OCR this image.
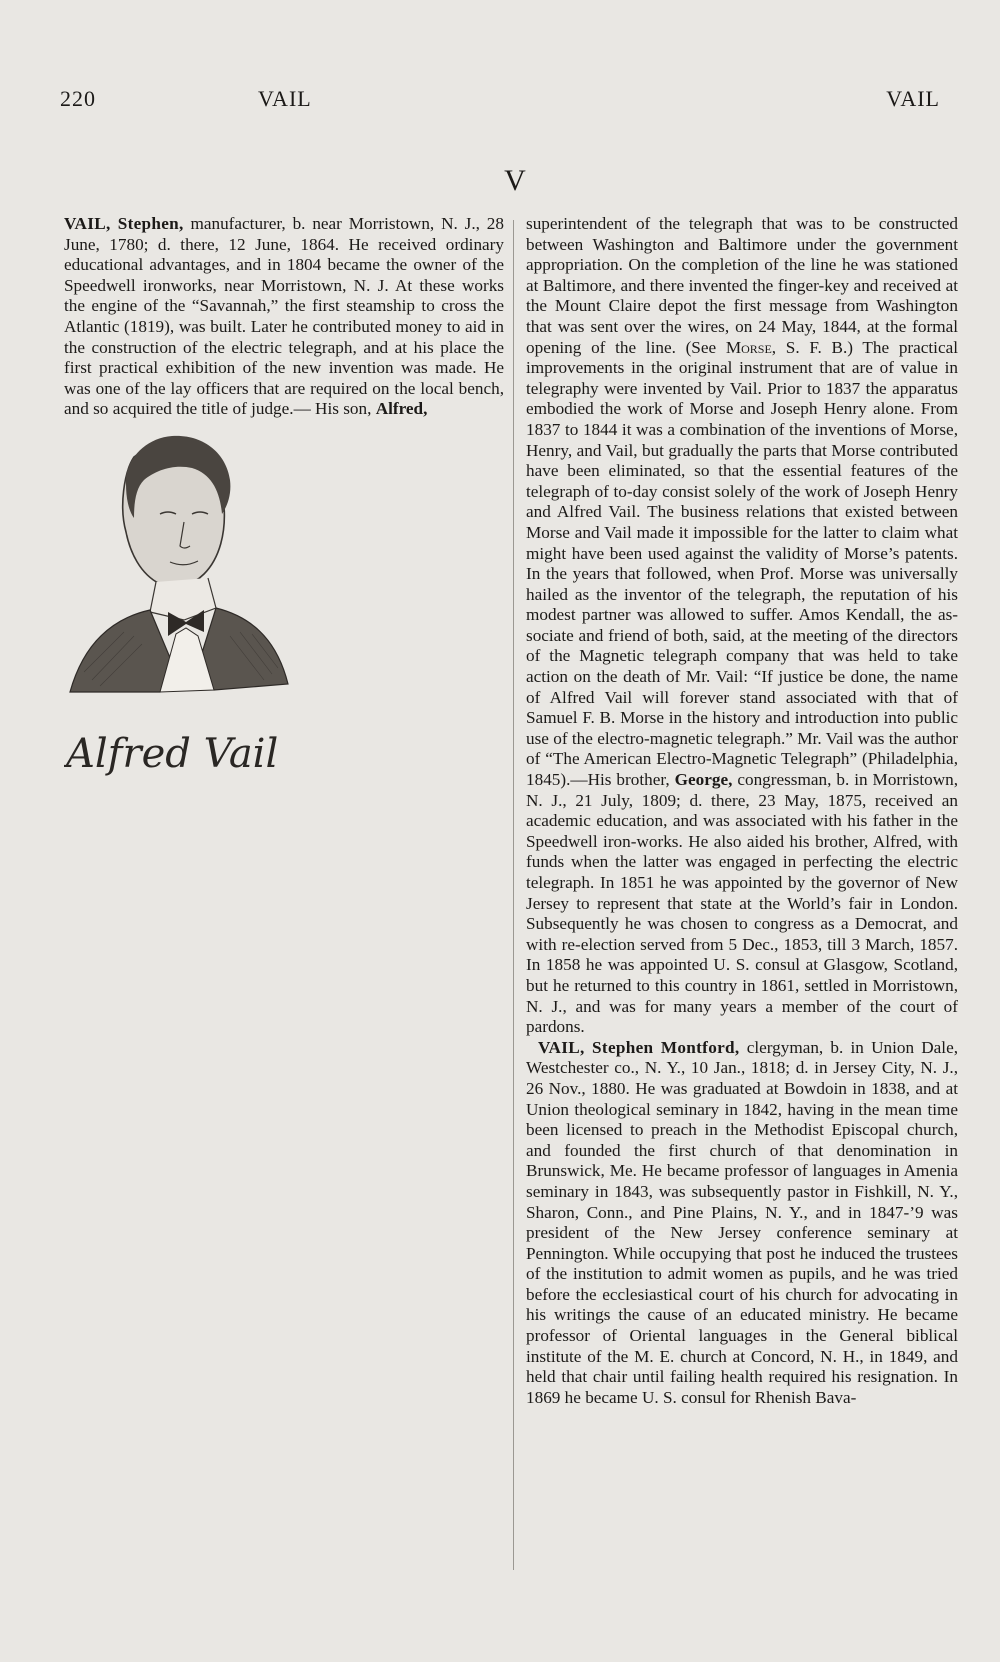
220	VAIL	VAIL
V

VAIL, Stephen, manufacturer, b. near Morristown, N. J., 28 June, 1780; d. there, 12 June, 1864. He received ordinary educational advantages, and in 1804 became the owner of the Speedwell ironworks, near Morristown, N. J. At these works the engine of the “Savannah,” the first steamship to cross the Atlantic (1819), was built. Later he contributed money to aid in the construction of the electric telegraph, and at his place the first practical exhibition of the new invention was made. He was one of the lay officers that are required on the local bench, and so acquired the title of judge.— His son, Alfred,
Alfred Vail

superintendent of the telegraph that was to be constructed between Washington and Baltimore under the government appropriation. On the completion of the line he was stationed at Baltimore, and there invented the finger-key and received at the Mount Claire depot the first message from Washington that was sent over the wires, on 24 May, 1844, at the formal opening of the line. (See Morse, S. F. B.) The practical improvements in the original instrument that are of value in telegraphy were invented by Vail. Prior to 1837 the apparatus embodied the work of Morse and Joseph Henry alone. From 1837 to 1844 it was a combination of the inventions of Morse, Henry, and Vail, but gradually the parts that Morse contributed have been eliminated, so that the essential features of the telegraph of to-day consist solely of the work of Joseph Henry and Alfred Vail. The business relations that existed between Morse and Vail made it impossible for the latter to claim what might have been used against the validity of Morse’s patents. In the years that followed, when Prof. Morse was universally hailed as the inventor of the telegraph, the reputation of his modest partner was allowed to suffer. Amos Kendall, the associate and friend of both, said, at the meeting of the directors of the Magnetic telegraph company that was held to take action on the death of Mr. Vail: “If justice be done, the name of Alfred Vail will forever stand associated with that of Samuel F. B. Morse in the history and introduction into public use of the electro-magnetic telegraph.” Mr. Vail was the author of “The American Electro-Magnetic Telegraph” (Philadelphia, 1845).—His brother, George, congressman, b. in Morristown, N. J., 21 July, 1809; d. there, 23 May, 1875, received an academic education, and was associated with his father in the Speedwell iron-works. He also aided his brother, Alfred, with funds when the latter was engaged in perfecting the electric telegraph. In 1851 he was appointed by the governor of New Jersey to represent that state at the World’s fair in London. Subsequently he was chosen to congress as a Democrat, and with re-election served from 5 Dec., 1853, till 3 March, 1857. In 1858 he was appointed U. S. consul at Glasgow, Scotland, but he returned to this country in 1861, settled in Morristown, N. J., and was for many years a member of the court of pardons.

VAIL, Stephen Montford, clergyman, b. in Union Dale, Westchester co., N. Y., 10 Jan., 1818; d. in Jersey City, N. J., 26 Nov., 1880. He was graduated at Bowdoin in 1838, and at Union theological seminary in 1842, having in the mean time been licensed to preach in the Methodist Episcopal church, and founded the first church of that denomination in Brunswick, Me. He became professor of languages in Amenia seminary in 1843, was subsequently pastor in Fishkill, N. Y., Sharon, Conn., and Pine Plains, N. Y., and in 1847-’9 was president of the New Jersey conference seminary at Pennington. While occupying that post he induced the trustees of the institution to admit women as pupils, and he was tried before the ecclesiastical court of his church for advocating in his writings the cause of an educated ministry. He became professor of Oriental languages in the General biblical institute of the M. E. church at Concord, N. H., in 1849, and held that chair until failing health required his resignation. In 1869 he became U. S. consul for Rhenish Bava-
